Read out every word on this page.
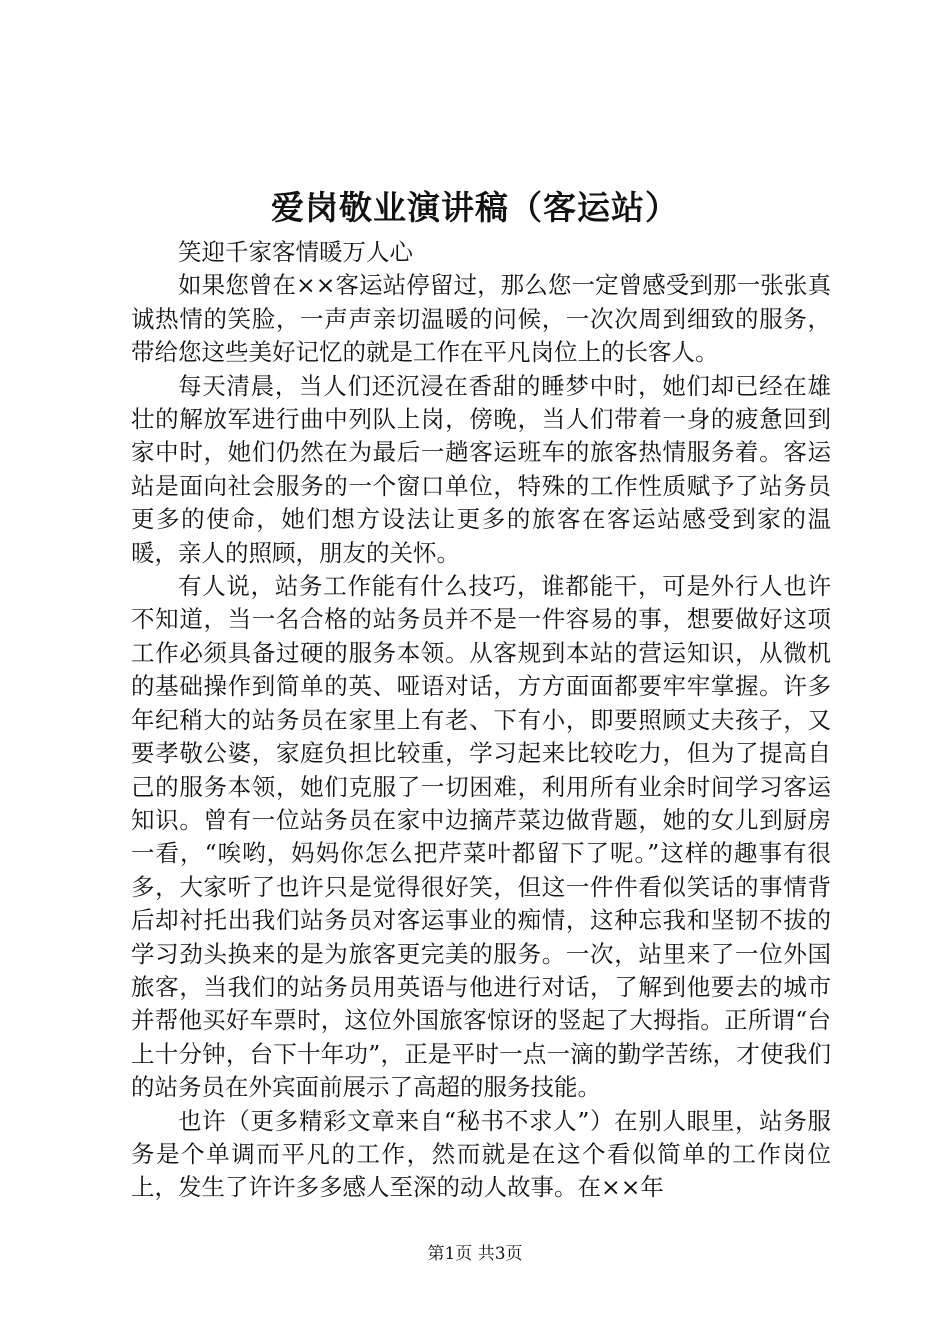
爱岗敬业演讲稿（客运站）

笑迎千家客情暖万人心

如果您曾在××客运站停留过，那么您一定曾感受到那一张张真诚热情的笑脸，一声声亲切温暖的问候，一次次周到细致的服务，带给您这些美好记忆的就是工作在平凡岗位上的长客人。

每天清晨，当人们还沉浸在香甜的睡梦中时，她们却已经在雄壮的解放军进行曲中列队上岗，傍晚，当人们带着一身的疲惫回到家中时，她们仍然在为最后一趟客运班车的旅客热情服务着。客运站是面向社会服务的一个窗口单位，特殊的工作性质赋予了站务员更多的使命，她们想方设法让更多的旅客在客运站感受到家的温暖，亲人的照顾，朋友的关怀。

有人说，站务工作能有什么技巧，谁都能干，可是外行人也许不知道，当一名合格的站务员并不是一件容易的事，想要做好这项工作必须具备过硬的服务本领。从客规到本站的营运知识，从微机的基础操作到简单的英、哑语对话，方方面面都要牢牢掌握。许多年纪稍大的站务员在家里上有老、下有小，即要照顾丈夫孩子，又要孝敬公婆，家庭负担比较重，学习起来比较吃力，但为了提高自己的服务本领，她们克服了一切困难，利用所有业余时间学习客运知识。曾有一位站务员在家中边摘芹菜边做背题，她的女儿到厨房一看，“唉哟，妈妈你怎么把芹菜叶都留下了呢。”这样的趣事有很多，大家听了也许只是觉得很好笑，但这一件件看似笑话的事情背后却衬托出我们站务员对客运事业的痴情，这种忘我和坚韧不拔的学习劲头换来的是为旅客更完美的服务。一次，站里来了一位外国旅客，当我们的站务员用英语与他进行对话，了解到他要去的城市并帮他买好车票时，这位外国旅客惊讶的竖起了大拇指。正所谓“台上十分钟，台下十年功”，正是平时一点一滴的勤学苦练，才使我们的站务员在外宾面前展示了高超的服务技能。

也许（更多精彩文章来自“秘书不求人”）在别人眼里，站务服务是个单调而平凡的工作，然而就是在这个看似简单的工作岗位上，发生了许许多多感人至深的动人故事。在××年

第1页 共3页
